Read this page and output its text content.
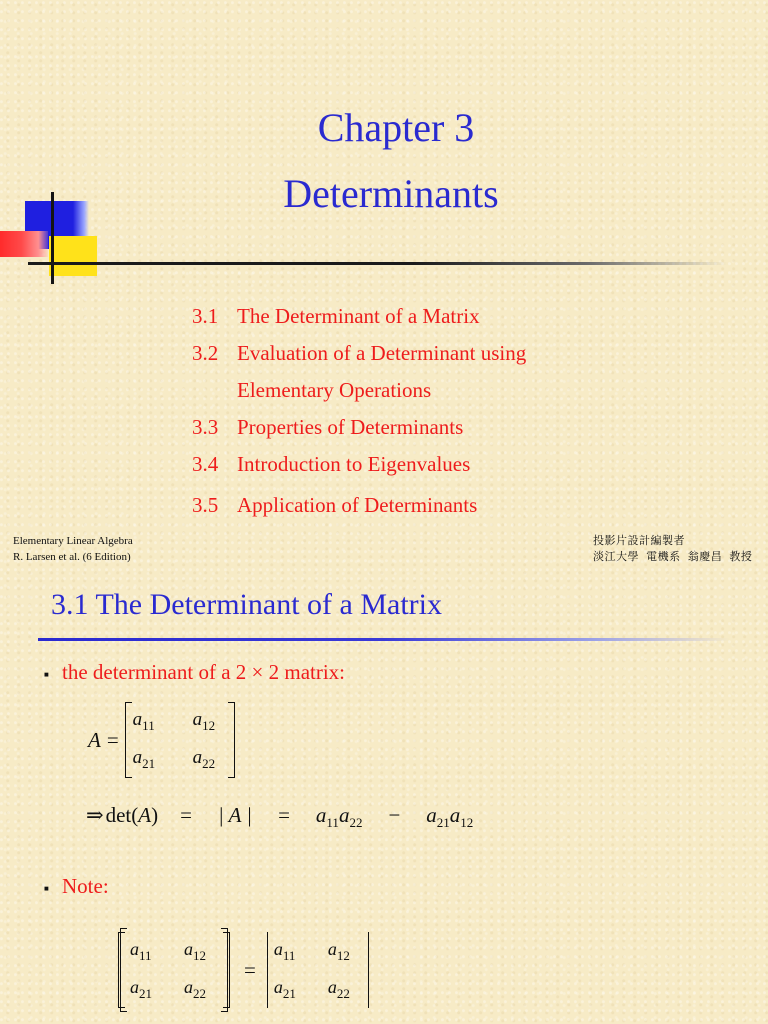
Chapter 3
Determinants
3.1 The Determinant of a Matrix
3.2 Evaluation of a Determinant using
Elementary Operations
3.3 Properties of Determinants
3.4 Introduction to Eigenvalues
3.5 Application of Determinants
Elementary Linear Algebra
R. Larsen et al. (6 Edition)
投影片設計編製者
淡江大學 電機系 翁慶昌 教授
3.1 The Determinant of a Matrix
■
the determinant of a 2 × 2 matrix:
A =
$a_{11}$	$a_{12}$
$a_{21}$	$a_{22}$
⇒ det( A ) = | A | = $a_{11}a_{22} - a_{21}a_{12}$
■
Note:
$a_{11}$	$a_{12}$
$a_{21}$	$a_{22}$
=
$a_{11}$	$a_{12}$
$a_{21}$	$a_{22}$
